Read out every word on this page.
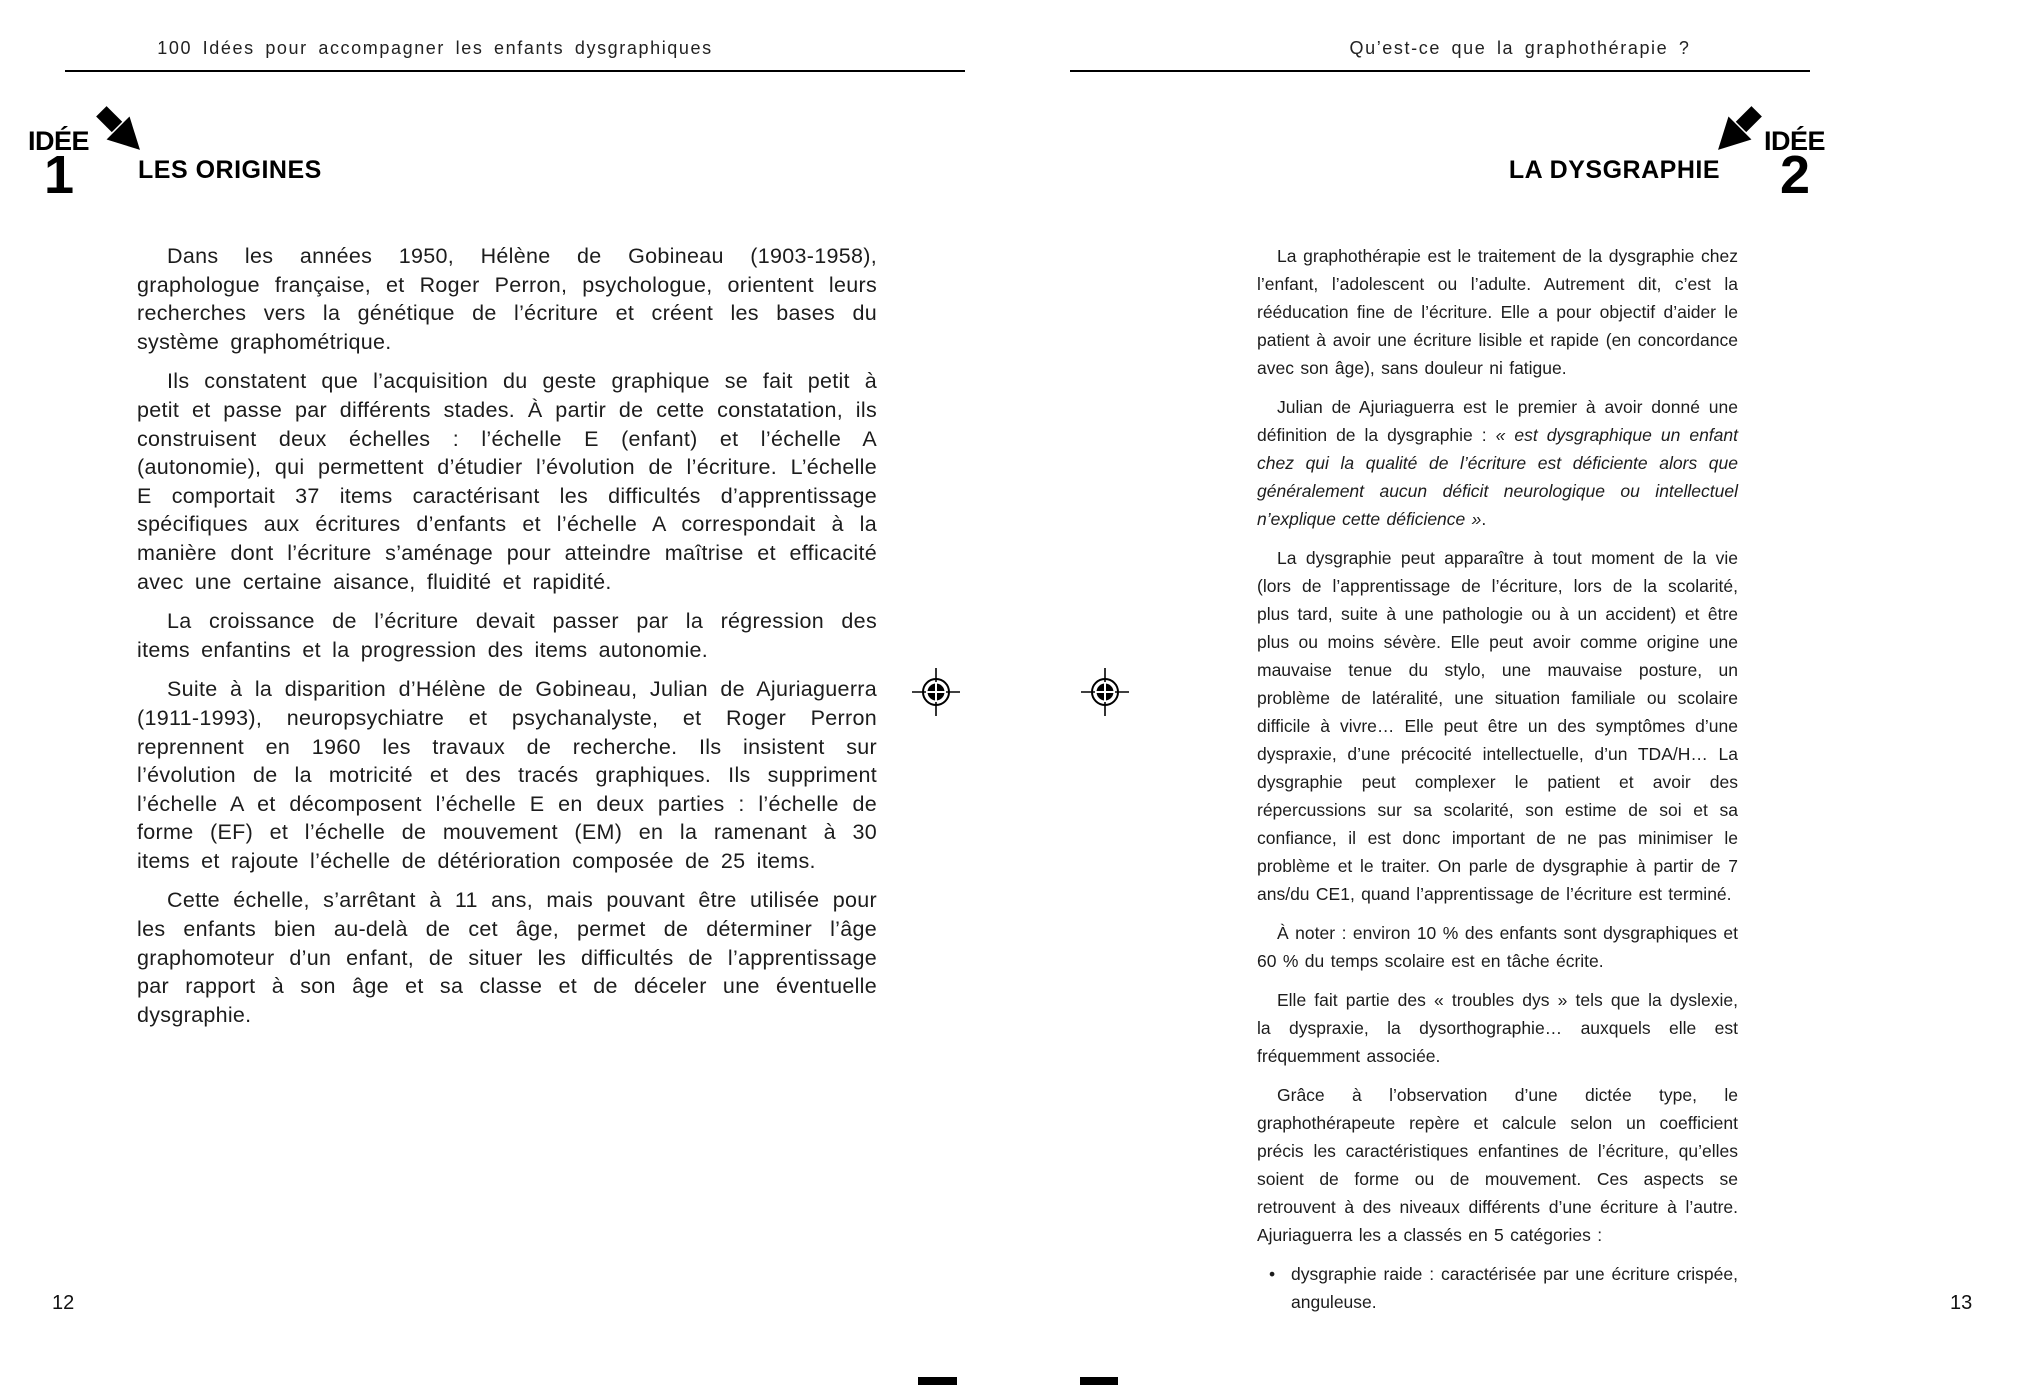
100 Idées pour accompagner les enfants dysgraphiques
IDÉE
1	LES ORIGINES

Dans les années 1950, Hélène de Gobineau (1903-1958), graphologue française, et Roger Perron, psychologue, orientent leurs recherches vers la génétique de l’écriture et créent les bases du système graphométrique.

Ils constatent que l’acquisition du geste graphique se fait petit à petit et passe par différents stades. À partir de cette constatation, ils construisent deux échelles : l’échelle E (enfant) et l’échelle A (autonomie), qui permettent d’étudier l’évolution de l’écriture. L’échelle E comportait 37 items caractérisant les difficultés d’apprentissage spécifiques aux écritures d’enfants et l’échelle A correspondait à la manière dont l’écriture s’aménage pour atteindre maîtrise et efficacité avec une certaine aisance, fluidité et rapidité.

La croissance de l’écriture devait passer par la régression des items enfantins et la progression des items autonomie.

Suite à la disparition d’Hélène de Gobineau, Julian de Ajuriaguerra (1911-1993), neuropsychiatre et psychanalyste, et Roger Perron reprennent en 1960 les travaux de recherche. Ils insistent sur l’évolution de la motricité et des tracés graphiques. Ils suppriment l’échelle A et décomposent l’échelle E en deux parties : l’échelle de forme (EF) et l’échelle de mouvement (EM) en la ramenant à 30 items et rajoute l’échelle de détérioration composée de 25 items.

Cette échelle, s’arrêtant à 11 ans, mais pouvant être utilisée pour les enfants bien au-delà de cet âge, permet de déterminer l’âge graphomoteur d’un enfant, de situer les difficultés de l’apprentissage par rapport à son âge et sa classe et de déceler une éventuelle dysgraphie.

12
Qu’est-ce que la graphothérapie ?
IDÉE
2
LA DYSGRAPHIE

La graphothérapie est le traitement de la dysgraphie chez l’enfant, l’adolescent ou l’adulte. Autrement dit, c’est la rééducation fine de l’écriture. Elle a pour objectif d’aider le patient à avoir une écriture lisible et rapide (en concordance avec son âge), sans douleur ni fatigue.

Julian de Ajuriaguerra est le premier à avoir donné une définition de la dysgraphie : « est dysgraphique un enfant chez qui la qualité de l’écriture est déficiente alors que généralement aucun déficit neurologique ou intellectuel n’explique cette déficience ».

La dysgraphie peut apparaître à tout moment de la vie (lors de l’apprentissage de l’écriture, lors de la scolarité, plus tard, suite à une pathologie ou à un accident) et être plus ou moins sévère. Elle peut avoir comme origine une mauvaise tenue du stylo, une mauvaise posture, un problème de latéralité, une situation familiale ou scolaire difficile à vivre… Elle peut être un des symptômes d’une dyspraxie, d’une précocité intellectuelle, d’un TDA/H… La dysgraphie peut complexer le patient et avoir des répercussions sur sa scolarité, son estime de soi et sa confiance, il est donc important de ne pas minimiser le problème et le traiter. On parle de dysgraphie à partir de 7 ans/du CE1, quand l’apprentissage de l’écriture est terminé.

À noter : environ 10 % des enfants sont dysgraphiques et 60 % du temps scolaire est en tâche écrite.

Elle fait partie des « troubles dys » tels que la dyslexie, la dyspraxie, la dysorthographie… auxquels elle est fréquemment associée.

Grâce à l’observation d’une dictée type, le graphothérapeute repère et calcule selon un coefficient précis les caractéristiques enfantines de l’écriture, qu’elles soient de forme ou de mouvement. Ces aspects se retrouvent à des niveaux différents d’une écriture à l’autre. Ajuriaguerra les a classés en 5 catégories :

• dysgraphie raide : caractérisée par une écriture crispée, anguleuse.	13
